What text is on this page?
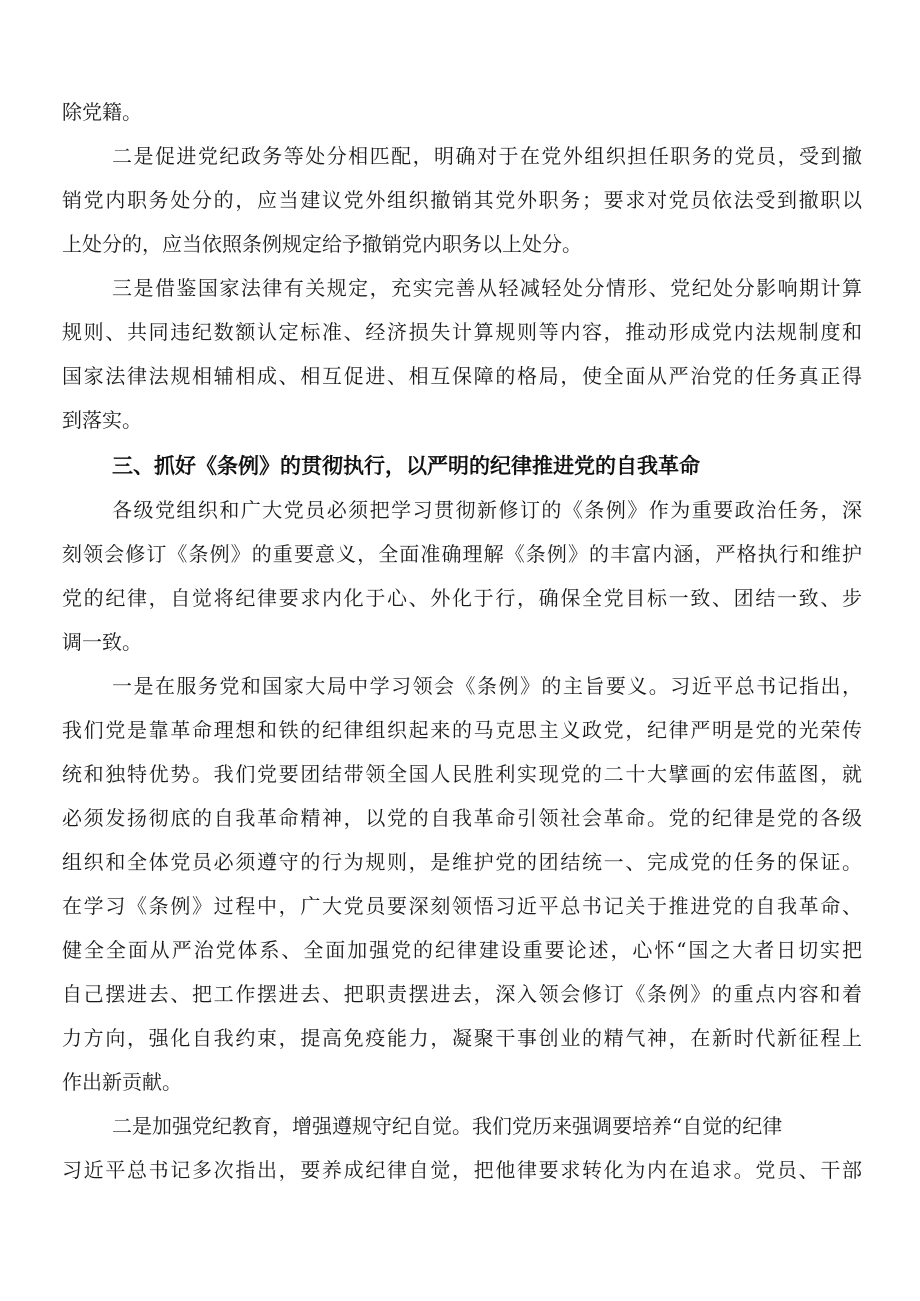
除党籍。
二是促进党纪政务等处分相匹配，明确对于在党外组织担任职务的党员，受到撤
销党内职务处分的，应当建议党外组织撤销其党外职务；要求对党员依法受到撤职以
上处分的，应当依照条例规定给予撤销党内职务以上处分。
三是借鉴国家法律有关规定，充实完善从轻减轻处分情形、党纪处分影响期计算
规则、共同违纪数额认定标准、经济损失计算规则等内容，推动形成党内法规制度和
国家法律法规相辅相成、相互促进、相互保障的格局，使全面从严治党的任务真正得
到落实。
三、抓好《条例》的贯彻执行，以严明的纪律推进党的自我革命
各级党组织和广大党员必须把学习贯彻新修订的《条例》作为重要政治任务，深
刻领会修订《条例》的重要意义，全面准确理解《条例》的丰富内涵，严格执行和维护
党的纪律，自觉将纪律要求内化于心、外化于行，确保全党目标一致、团结一致、步
调一致。
一是在服务党和国家大局中学习领会《条例》的主旨要义。习近平总书记指出，
我们党是靠革命理想和铁的纪律组织起来的马克思主义政党，纪律严明是党的光荣传
统和独特优势。我们党要团结带领全国人民胜利实现党的二十大擘画的宏伟蓝图，就
必须发扬彻底的自我革命精神，以党的自我革命引领社会革命。党的纪律是党的各级
组织和全体党员必须遵守的行为规则，是维护党的团结统一、完成党的任务的保证。
在学习《条例》过程中，广大党员要深刻领悟习近平总书记关于推进党的自我革命、
健全全面从严治党体系、全面加强党的纪律建设重要论述，心怀“国之大者日切实把
自己摆进去、把工作摆进去、把职责摆进去，深入领会修订《条例》的重点内容和着
力方向，强化自我约束，提高免疫能力，凝聚干事创业的精气神，在新时代新征程上
作出新贡献。
二是加强党纪教育，增强遵规守纪自觉。我们党历来强调要培养“自觉的纪律
习近平总书记多次指出，要养成纪律自觉，把他律要求转化为内在追求。党员、干部
